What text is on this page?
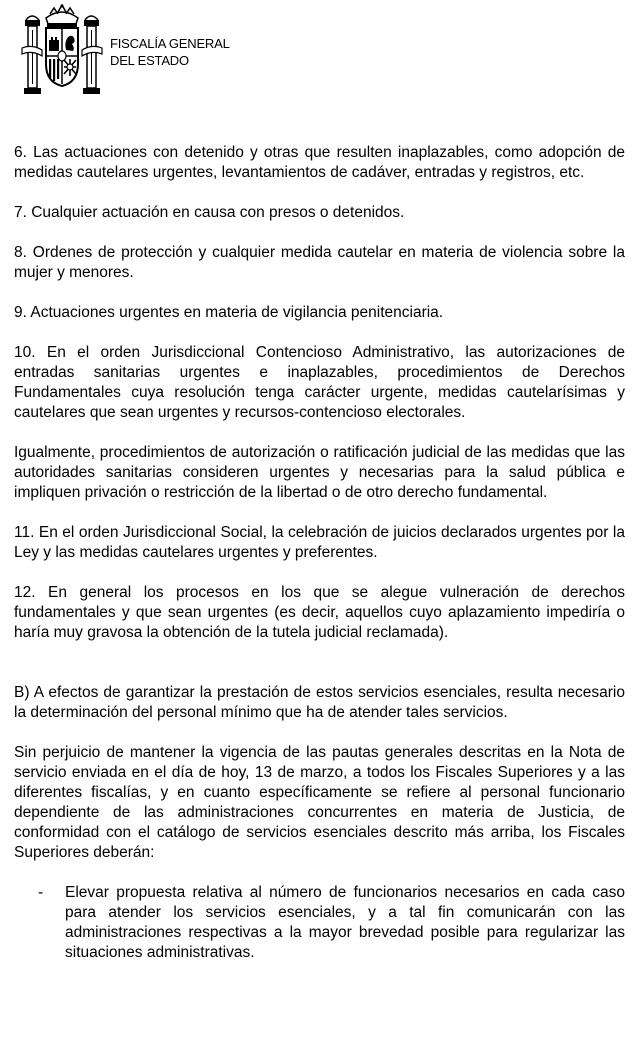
FISCALÍA GENERAL
DEL ESTADO

6. Las actuaciones con detenido y otras que resulten inaplazables, como adopción de medidas cautelares urgentes, levantamientos de cadáver, entradas y registros, etc.

7. Cualquier actuación en causa con presos o detenidos.

8. Ordenes de protección y cualquier medida cautelar en materia de violencia sobre la mujer y menores.

9. Actuaciones urgentes en materia de vigilancia penitenciaria.

10. En el orden Jurisdiccional Contencioso Administrativo, las autorizaciones de entradas sanitarias urgentes e inaplazables, procedimientos de Derechos Fundamentales cuya resolución tenga carácter urgente, medidas cautelarísimas y cautelares que sean urgentes y recursos-contencioso electorales.

Igualmente, procedimientos de autorización o ratificación judicial de las medidas que las autoridades sanitarias consideren urgentes y necesarias para la salud pública e impliquen privación o restricción de la libertad o de otro derecho fundamental.

11. En el orden Jurisdiccional Social, la celebración de juicios declarados urgentes por la Ley y las medidas cautelares urgentes y preferentes.

12. En general los procesos en los que se alegue vulneración de derechos fundamentales y que sean urgentes (es decir, aquellos cuyo aplazamiento impediría o haría muy gravosa la obtención de la tutela judicial reclamada).

B) A efectos de garantizar la prestación de estos servicios esenciales, resulta necesario la determinación del personal mínimo que ha de atender tales servicios.

Sin perjuicio de mantener la vigencia de las pautas generales descritas en la Nota de servicio enviada en el día de hoy, 13 de marzo, a todos los Fiscales Superiores y a las diferentes fiscalías, y en cuanto específicamente se refiere al personal funcionario dependiente de las administraciones concurrentes en materia de Justicia, de conformidad con el catálogo de servicios esenciales descrito más arriba, los Fiscales Superiores deberán:

-	Elevar propuesta relativa al número de funcionarios necesarios en cada caso para atender los servicios esenciales, y a tal fin comunicarán con las administraciones respectivas a la mayor brevedad posible para regularizar las situaciones administrativas.
